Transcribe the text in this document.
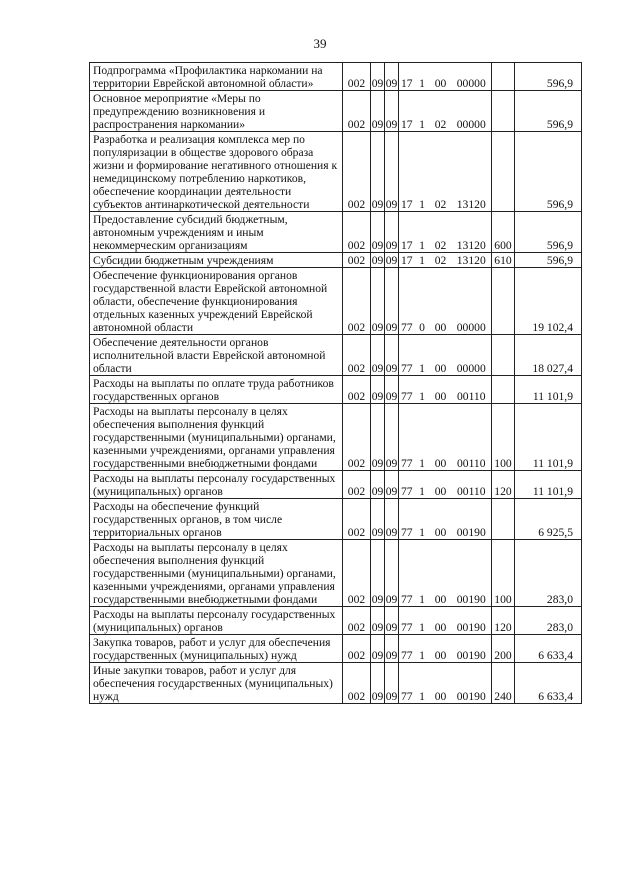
39
Подпрограмма «Профилактика наркомании на территории Еврейской автономной области»	002	09	09	17	1	00	00000		596,9
Основное мероприятие «Меры по предупреждению возникновения и распространения наркомании»	002	09	09	17	1	02	00000		596,9
Разработка и реализация комплекса мер по популяризации в обществе здорового образа жизни и формирование негативного отношения к немедицинскому потреблению наркотиков, обеспечение координации деятельности субъектов антинаркотической деятельности	002	09	09	17	1	02	13120		596,9
Предоставление субсидий бюджетным, автономным учреждениям и иным некоммерческим организациям	002	09	09	17	1	02	13120	600	596,9
Субсидии бюджетным учреждениям	002	09	09	17	1	02	13120	610	596,9
Обеспечение функционирования органов государственной власти Еврейской автономной области, обеспечение функционирования отдельных казенных учреждений Еврейской автономной области	002	09	09	77	0	00	00000		19 102,4
Обеспечение деятельности органов исполнительной власти Еврейской автономной области	002	09	09	77	1	00	00000		18 027,4
Расходы на выплаты по оплате труда работников государственных органов	002	09	09	77	1	00	00110		11 101,9
Расходы на выплаты персоналу в целях обеспечения выполнения функций государственными (муниципальными) органами, казенными учреждениями, органами управления государственными внебюджетными фондами	002	09	09	77	1	00	00110	100	11 101,9
Расходы на выплаты персоналу государственных (муниципальных) органов	002	09	09	77	1	00	00110	120	11 101,9
Расходы на обеспечение функций государственных органов, в том числе территориальных органов	002	09	09	77	1	00	00190		6 925,5
Расходы на выплаты персоналу в целях обеспечения выполнения функций государственными (муниципальными) органами, казенными учреждениями, органами управления государственными внебюджетными фондами	002	09	09	77	1	00	00190	100	283,0
Расходы на выплаты персоналу государственных (муниципальных) органов	002	09	09	77	1	00	00190	120	283,0
Закупка товаров, работ и услуг для обеспечения государственных (муниципальных) нужд	002	09	09	77	1	00	00190	200	6 633,4
Иные закупки товаров, работ и услуг для обеспечения государственных (муниципальных) нужд	002	09	09	77	1	00	00190	240	6 633,4
